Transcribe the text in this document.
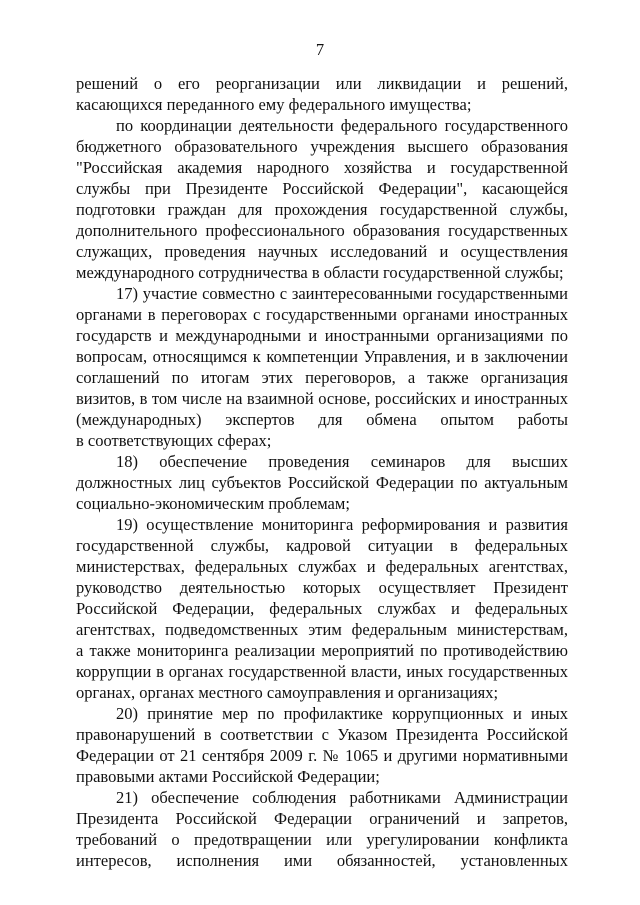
7
решений о его реорганизации или ликвидации и решений,
касающихся переданного ему федерального имущества;
по координации деятельности федерального государственного
бюджетного образовательного учреждения высшего образования
"Российская академия народного хозяйства и государственной
службы при Президенте Российской Федерации", касающейся
подготовки граждан для прохождения государственной службы,
дополнительного профессионального образования государственных
служащих, проведения научных исследований и осуществления
международного сотрудничества в области государственной службы;
17) участие совместно с заинтересованными государственными
органами в переговорах с государственными органами иностранных
государств и международными и иностранными организациями по
вопросам, относящимся к компетенции Управления, и в заключении
соглашений по итогам этих переговоров, а также организация
визитов, в том числе на взаимной основе, российских и иностранных
(международных) экспертов для обмена опытом работы
в соответствующих сферах;
18) обеспечение проведения семинаров для высших
должностных лиц субъектов Российской Федерации по актуальным
социально-экономическим проблемам;
19) осуществление мониторинга реформирования и развития
государственной службы, кадровой ситуации в федеральных
министерствах, федеральных службах и федеральных агентствах,
руководство деятельностью которых осуществляет Президент
Российской Федерации, федеральных службах и федеральных
агентствах, подведомственных этим федеральным министерствам,
а также мониторинга реализации мероприятий по противодействию
коррупции в органах государственной власти, иных государственных
органах, органах местного самоуправления и организациях;
20) принятие мер по профилактике коррупционных и иных
правонарушений в соответствии с Указом Президента Российской
Федерации от 21 сентября 2009 г. № 1065 и другими нормативными
правовыми актами Российской Федерации;
21) обеспечение соблюдения работниками Администрации
Президента Российской Федерации ограничений и запретов,
требований о предотвращении или урегулировании конфликта
интересов, исполнения ими обязанностей, установленных
